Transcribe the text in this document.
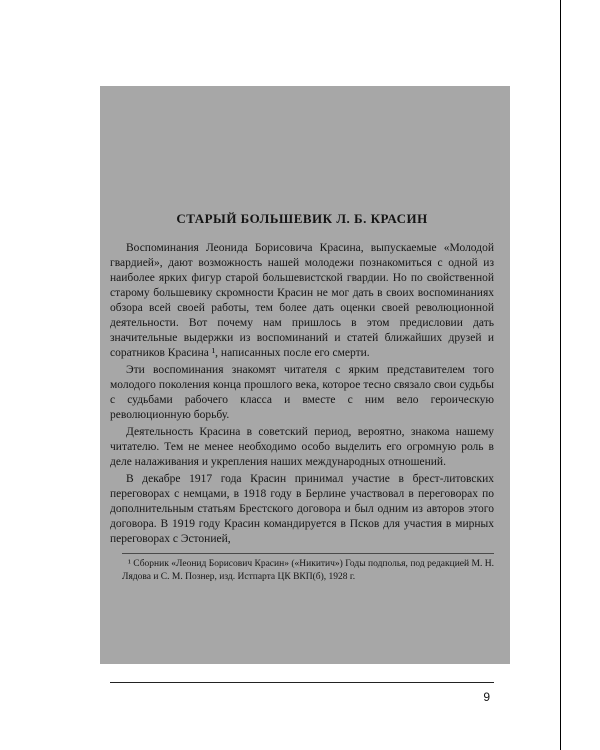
СТАРЫЙ БОЛЬШЕВИК Л. Б. КРАСИН

Воспоминания Леонида Борисовича Красина, выпускаемые «Молодой гвардией», дают возможность нашей молодежи познакомиться с одной из наиболее ярких фигур старой большевистской гвардии. Но по свойственной старому большевику скромности Красин не мог дать в своих воспоминаниях обзора всей своей работы, тем более дать оценки своей революционной деятельности. Вот почему нам пришлось в этом предисловии дать значительные выдержки из воспоминаний и статей ближайших друзей и соратников Красина ¹, написанных после его смерти.

Эти воспоминания знакомят читателя с ярким представителем того молодого поколения конца прошлого века, которое тесно связало свои судьбы с судьбами рабочего класса и вместе с ним вело героическую революционную борьбу.

Деятельность Красина в советский период, вероятно, знакома нашему читателю. Тем не менее необходимо особо выделить его огромную роль в деле налаживания и укрепления наших международных отношений.

В декабре 1917 года Красин принимал участие в брест-литовских переговорах с немцами, в 1918 году в Берлине участвовал в переговорах по дополнительным статьям Брестского договора и был одним из авторов этого договора. В 1919 году Красин командируется в Псков для участия в мирных переговорах с Эстонией,

¹ Сборник «Леонид Борисович Красин» («Никитич») Годы подполья, под редакцией М. Н. Лядова и С. М. Познер, изд. Истпарта ЦК ВКП(б), 1928 г.

9
